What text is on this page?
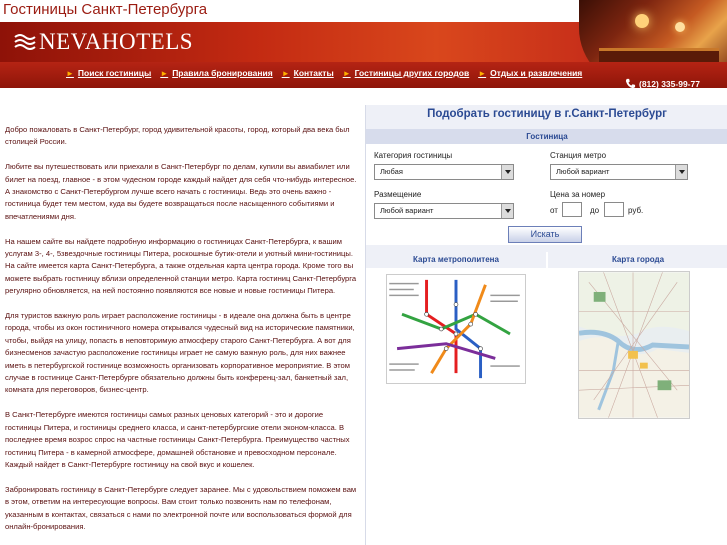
Гостиницы Санкт-Петербурга
NEVAHOTELS
► Поиск гостиницы ► Правила бронирования ► Контакты ► Гостиницы других городов ► Отдых и развлечения
(812) 335-99-77

Добро пожаловать в Санкт-Петербург, город удивительной красоты, город, который два века был столицей России.

Любите вы путешествовать или приехали в Санкт-Петербург по делам, купили вы авиабилет или билет на поезд, главное - в этом чудесном городе каждый найдет для себя что-нибудь интересное. А знакомство с Санкт-Петербургом лучше всего начать с гостиницы. Ведь это очень важно - гостиница будет тем местом, куда вы будете возвращаться после насыщенного событиями и впечатлениями дня.

На нашем сайте вы найдете подробную информацию о гостиницах Санкт-Петербурга, к вашим услугам 3-, 4-, 5звездочные гостиницы Питера, роскошные бутик-отели и уютный мини-гостиницы. На сайте имеется карта Санкт-Петербурга, а также отдельная карта центра города. Кроме того вы можете выбрать гостиницу вблизи определенной станции метро. Карта гостиниц Санкт-Петербурга регулярно обновляется, на ней постоянно появляются все новые и новые гостиницы Питера.

Для туристов важную роль играет расположение гостиницы - в идеале она должна быть в центре города, чтобы из окон гостиничного номера открывался чудесный вид на исторические памятники, чтобы, выйдя на улицу, попасть в неповторимую атмосферу старого Санкт-Петербурга. А вот для бизнесменов зачастую расположение гостиницы играет не самую важную роль, для них важнее иметь в петербургской гостинице возможность организовать корпоративное мероприятие. В этом случае в гостинице Санкт-Петербурге обязательно должны быть конференц-зал, банкетный зал, комната для переговоров, бизнес-центр.

В Санкт-Петербурге имеются гостиницы самых разных ценовых категорий - это и дорогие гостиницы Питера, и гостиницы среднего класса, и санкт-петербургские отели эконом-класса. В последнее время возрос спрос на частные гостиницы Санкт-Петербурга. Преимущество частных гостиниц Питера - в камерной атмосфере, домашней обстановке и превосходном персонале. Каждый найдет в Санкт-Петербурге гостиницу на свой вкус и кошелек.

Забронировать гостиницу в Санкт-Петербурге следует заранее. Мы с удовольствием поможем вам в этом, ответим на интересующие вопросы. Вам стоит только позвонить нам по телефонам, указанным в контактах, связаться с нами по электронной почте или воспользоваться формой для онлайн-бронирования.

Подобрать гостиницу в г.Санкт-Петербург
Гостиница
Категория гостиницы
Любая
Станция метро
Любой вариант
Размещение
Любой вариант
Цена за номер
от	до	руб.
Искать
Карта метрополитена	Карта города
